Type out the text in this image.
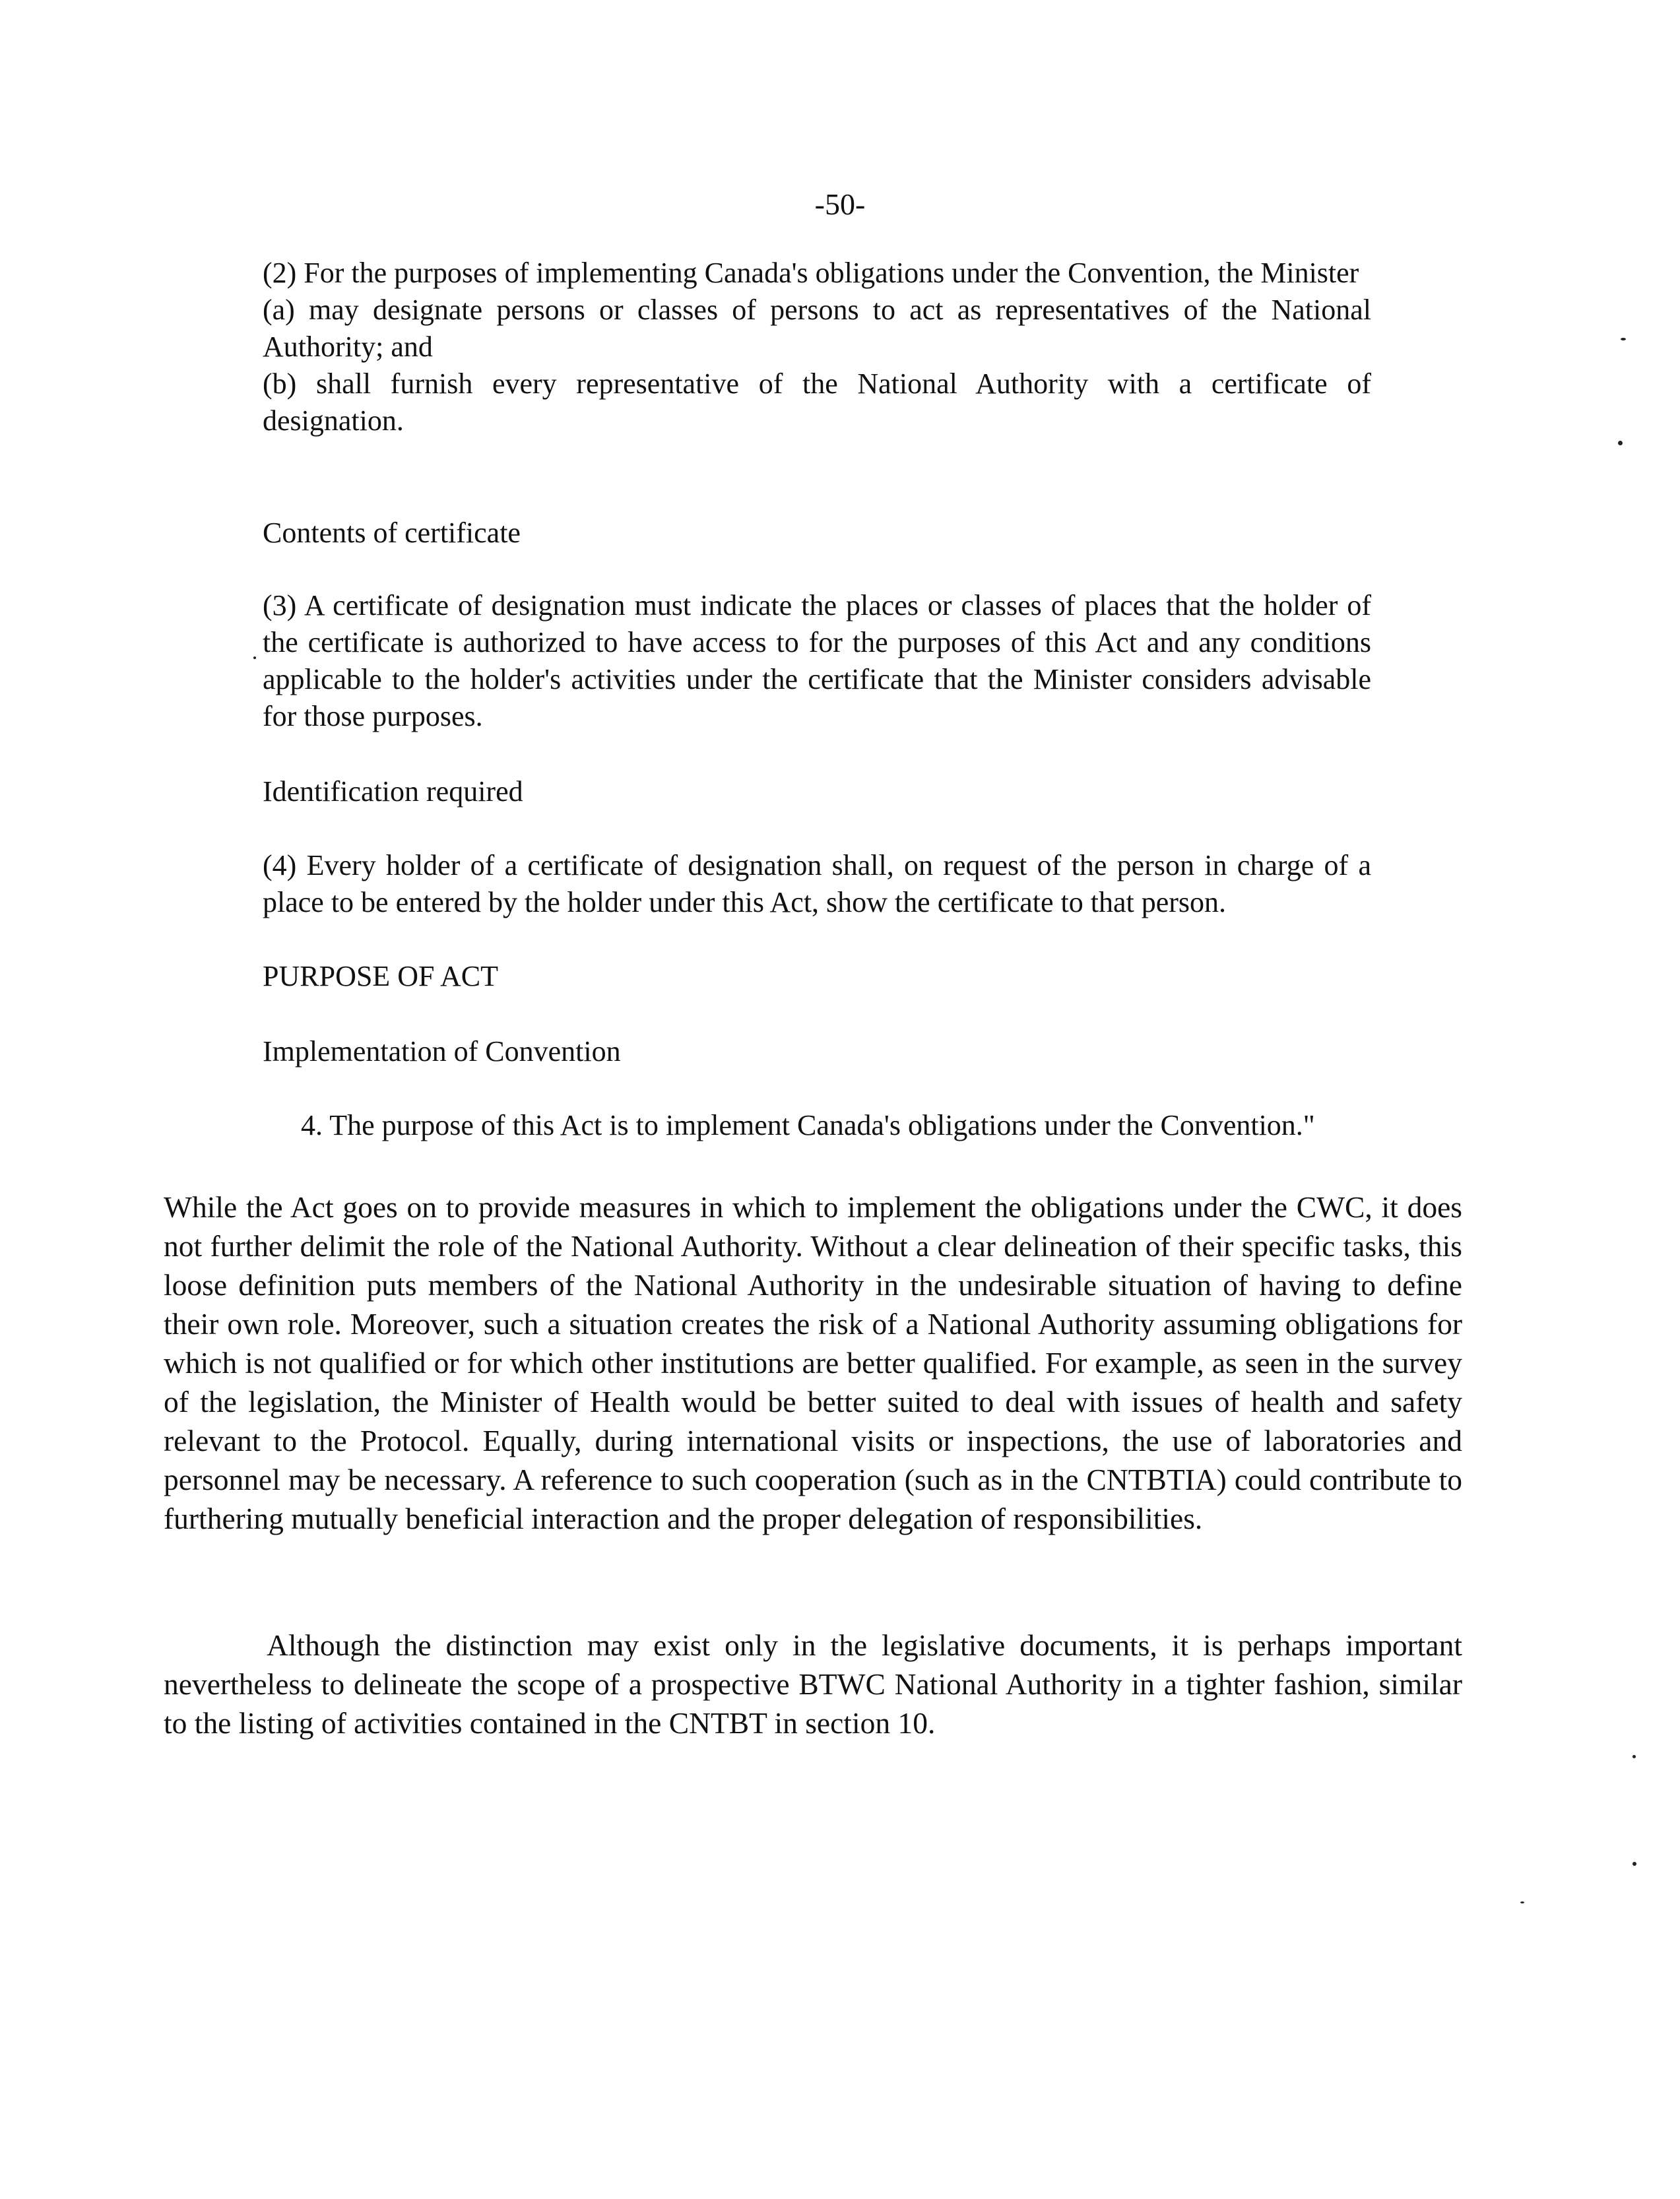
-50-

(2) For the purposes of implementing Canada's obligations under the Convention, the Minister

(a) may designate persons or classes of persons to act as representatives of the National Authority; and

(b) shall furnish every representative of the National Authority with a certificate of designation.

Contents of certificate

(3) A certificate of designation must indicate the places or classes of places that the holder of the certificate is authorized to have access to for the purposes of this Act and any conditions applicable to the holder's activities under the certificate that the Minister considers advisable for those purposes.

Identification required

(4) Every holder of a certificate of designation shall, on request of the person in charge of a place to be entered by the holder under this Act, show the certificate to that person.

PURPOSE OF ACT

Implementation of Convention

4. The purpose of this Act is to implement Canada's obligations under the Convention."

While the Act goes on to provide measures in which to implement the obligations under the CWC, it does not further delimit the role of the National Authority. Without a clear delineation of their specific tasks, this loose definition puts members of the National Authority in the undesirable situation of having to define their own role. Moreover, such a situation creates the risk of a National Authority assuming obligations for which is not qualified or for which other institutions are better qualified. For example, as seen in the survey of the legislation, the Minister of Health would be better suited to deal with issues of health and safety relevant to the Protocol. Equally, during international visits or inspections, the use of laboratories and personnel may be necessary. A reference to such cooperation (such as in the CNTBTIA) could contribute to furthering mutually beneficial interaction and the proper delegation of responsibilities.

Although the distinction may exist only in the legislative documents, it is perhaps important nevertheless to delineate the scope of a prospective BTWC National Authority in a tighter fashion, similar to the listing of activities contained in the CNTBT in section 10.
